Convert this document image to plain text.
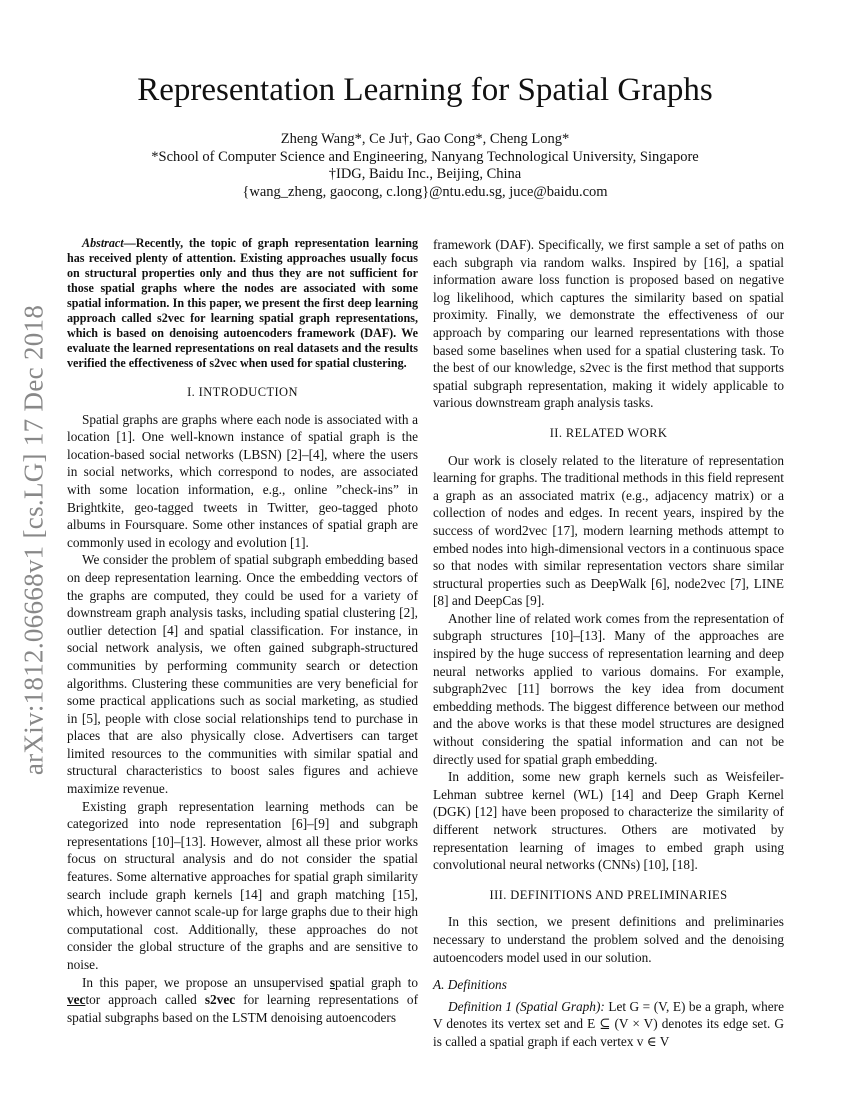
arXiv:1812.06668v1 [cs.LG] 17 Dec 2018
Representation Learning for Spatial Graphs
Zheng Wang*, Ce Ju†, Gao Cong*, Cheng Long*
*School of Computer Science and Engineering, Nanyang Technological University, Singapore
†IDG, Baidu Inc., Beijing, China
{wang_zheng, gaocong, c.long}@ntu.edu.sg, juce@baidu.com

Abstract—Recently, the topic of graph representation learning has received plenty of attention. Existing approaches usually focus on structural properties only and thus they are not sufficient for those spatial graphs where the nodes are associated with some spatial information. In this paper, we present the first deep learning approach called s2vec for learning spatial graph representations, which is based on denoising autoencoders framework (DAF). We evaluate the learned representations on real datasets and the results verified the effectiveness of s2vec when used for spatial clustering.

I. INTRODUCTION

Spatial graphs are graphs where each node is associated with a location [1]. One well-known instance of spatial graph is the location-based social networks (LBSN) [2]–[4], where the users in social networks, which correspond to nodes, are associated with some location information, e.g., online ”check-ins” in Brightkite, geo-tagged tweets in Twitter, geo-tagged photo albums in Foursquare. Some other instances of spatial graph are commonly used in ecology and evolution [1].

We consider the problem of spatial subgraph embedding based on deep representation learning. Once the embedding vectors of the graphs are computed, they could be used for a variety of downstream graph analysis tasks, including spatial clustering [2], outlier detection [4] and spatial classification. For instance, in social network analysis, we often gained subgraph-structured communities by performing community search or detection algorithms. Clustering these communities are very beneficial for some practical applications such as social marketing, as studied in [5], people with close social relationships tend to purchase in places that are also physically close. Advertisers can target limited resources to the communities with similar spatial and structural characteristics to boost sales figures and achieve maximize revenue.

Existing graph representation learning methods can be categorized into node representation [6]–[9] and subgraph representations [10]–[13]. However, almost all these prior works focus on structural analysis and do not consider the spatial features. Some alternative approaches for spatial graph similarity search include graph kernels [14] and graph matching [15], which, however cannot scale-up for large graphs due to their high computational cost. Additionally, these approaches do not consider the global structure of the graphs and are sensitive to noise.

In this paper, we propose an unsupervised spatial graph to vector approach called s2vec for learning representations of spatial subgraphs based on the LSTM denoising autoencoders

framework (DAF). Specifically, we first sample a set of paths on each subgraph via random walks. Inspired by [16], a spatial information aware loss function is proposed based on negative log likelihood, which captures the similarity based on spatial proximity. Finally, we demonstrate the effectiveness of our approach by comparing our learned representations with those based some baselines when used for a spatial clustering task. To the best of our knowledge, s2vec is the first method that supports spatial subgraph representation, making it widely applicable to various downstream graph analysis tasks.

II. RELATED WORK

Our work is closely related to the literature of representation learning for graphs. The traditional methods in this field represent a graph as an associated matrix (e.g., adjacency matrix) or a collection of nodes and edges. In recent years, inspired by the success of word2vec [17], modern learning methods attempt to embed nodes into high-dimensional vectors in a continuous space so that nodes with similar representation vectors share similar structural properties such as DeepWalk [6], node2vec [7], LINE [8] and DeepCas [9].

Another line of related work comes from the representation of subgraph structures [10]–[13]. Many of the approaches are inspired by the huge success of representation learning and deep neural networks applied to various domains. For example, subgraph2vec [11] borrows the key idea from document embedding methods. The biggest difference between our method and the above works is that these model structures are designed without considering the spatial information and can not be directly used for spatial graph embedding.

In addition, some new graph kernels such as Weisfeiler-Lehman subtree kernel (WL) [14] and Deep Graph Kernel (DGK) [12] have been proposed to characterize the similarity of different network structures. Others are motivated by representation learning of images to embed graph using convolutional neural networks (CNNs) [10], [18].

III. DEFINITIONS AND PRELIMINARIES

In this section, we present definitions and preliminaries necessary to understand the problem solved and the denoising autoencoders model used in our solution.

A. Definitions

Definition 1 (Spatial Graph): Let G = (V, E) be a graph, where V denotes its vertex set and E ⊆ (V × V) denotes its edge set. G is called a spatial graph if each vertex v ∈ V
